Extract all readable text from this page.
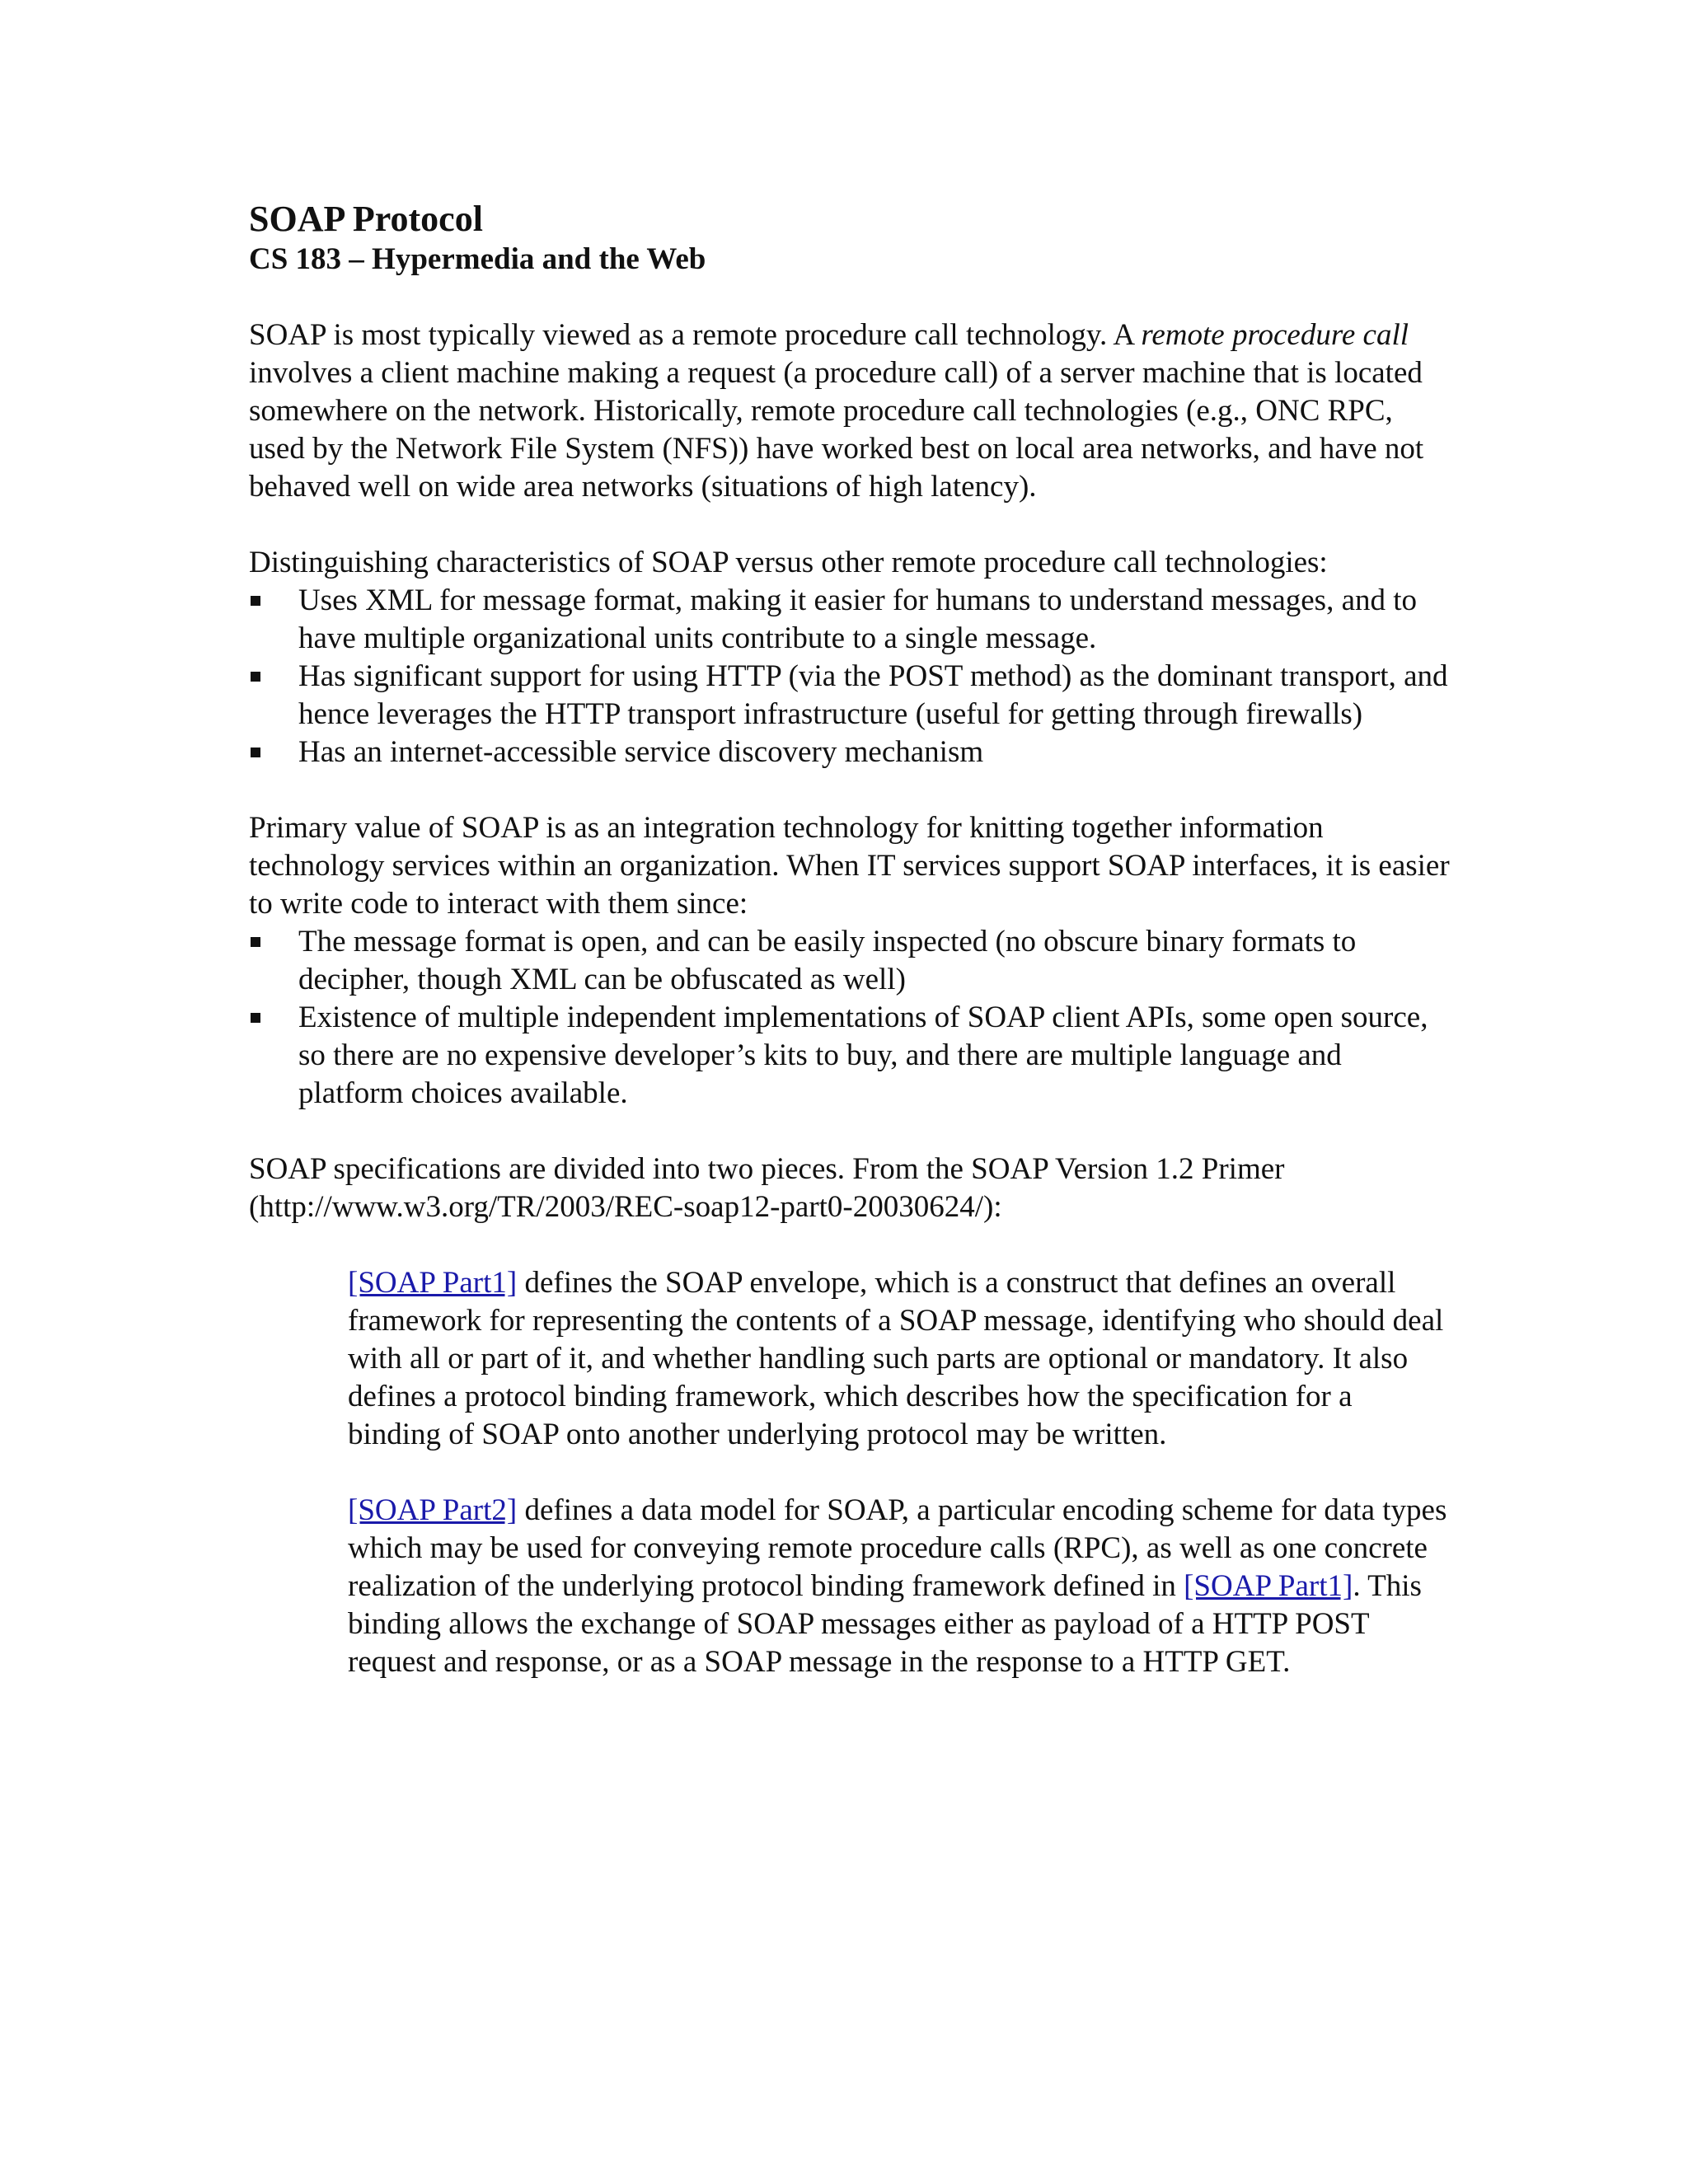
SOAP Protocol
CS 183 – Hypermedia and the Web

SOAP is most typically viewed as a remote procedure call technology. A remote procedure call involves a client machine making a request (a procedure call) of a server machine that is located somewhere on the network. Historically, remote procedure call technologies (e.g., ONC RPC, used by the Network File System (NFS)) have worked best on local area networks, and have not behaved well on wide area networks (situations of high latency).

Distinguishing characteristics of SOAP versus other remote procedure call technologies:

Uses XML for message format, making it easier for humans to understand messages, and to have multiple organizational units contribute to a single message.
Has significant support for using HTTP (via the POST method) as the dominant transport, and hence leverages the HTTP transport infrastructure (useful for getting through firewalls)
Has an internet-accessible service discovery mechanism

Primary value of SOAP is as an integration technology for knitting together information technology services within an organization. When IT services support SOAP interfaces, it is easier to write code to interact with them since:

The message format is open, and can be easily inspected (no obscure binary formats to decipher, though XML can be obfuscated as well)
Existence of multiple independent implementations of SOAP client APIs, some open source, so there are no expensive developer’s kits to buy, and there are multiple language and platform choices available.

SOAP specifications are divided into two pieces. From the SOAP Version 1.2 Primer (http://www.w3.org/TR/2003/REC-soap12-part0-20030624/):

[SOAP Part1] defines the SOAP envelope, which is a construct that defines an overall framework for representing the contents of a SOAP message, identifying who should deal with all or part of it, and whether handling such parts are optional or mandatory. It also defines a protocol binding framework, which describes how the specification for a binding of SOAP onto another underlying protocol may be written.

[SOAP Part2] defines a data model for SOAP, a particular encoding scheme for data types which may be used for conveying remote procedure calls (RPC), as well as one concrete realization of the underlying protocol binding framework defined in [SOAP Part1]. This binding allows the exchange of SOAP messages either as payload of a HTTP POST request and response, or as a SOAP message in the response to a HTTP GET.
